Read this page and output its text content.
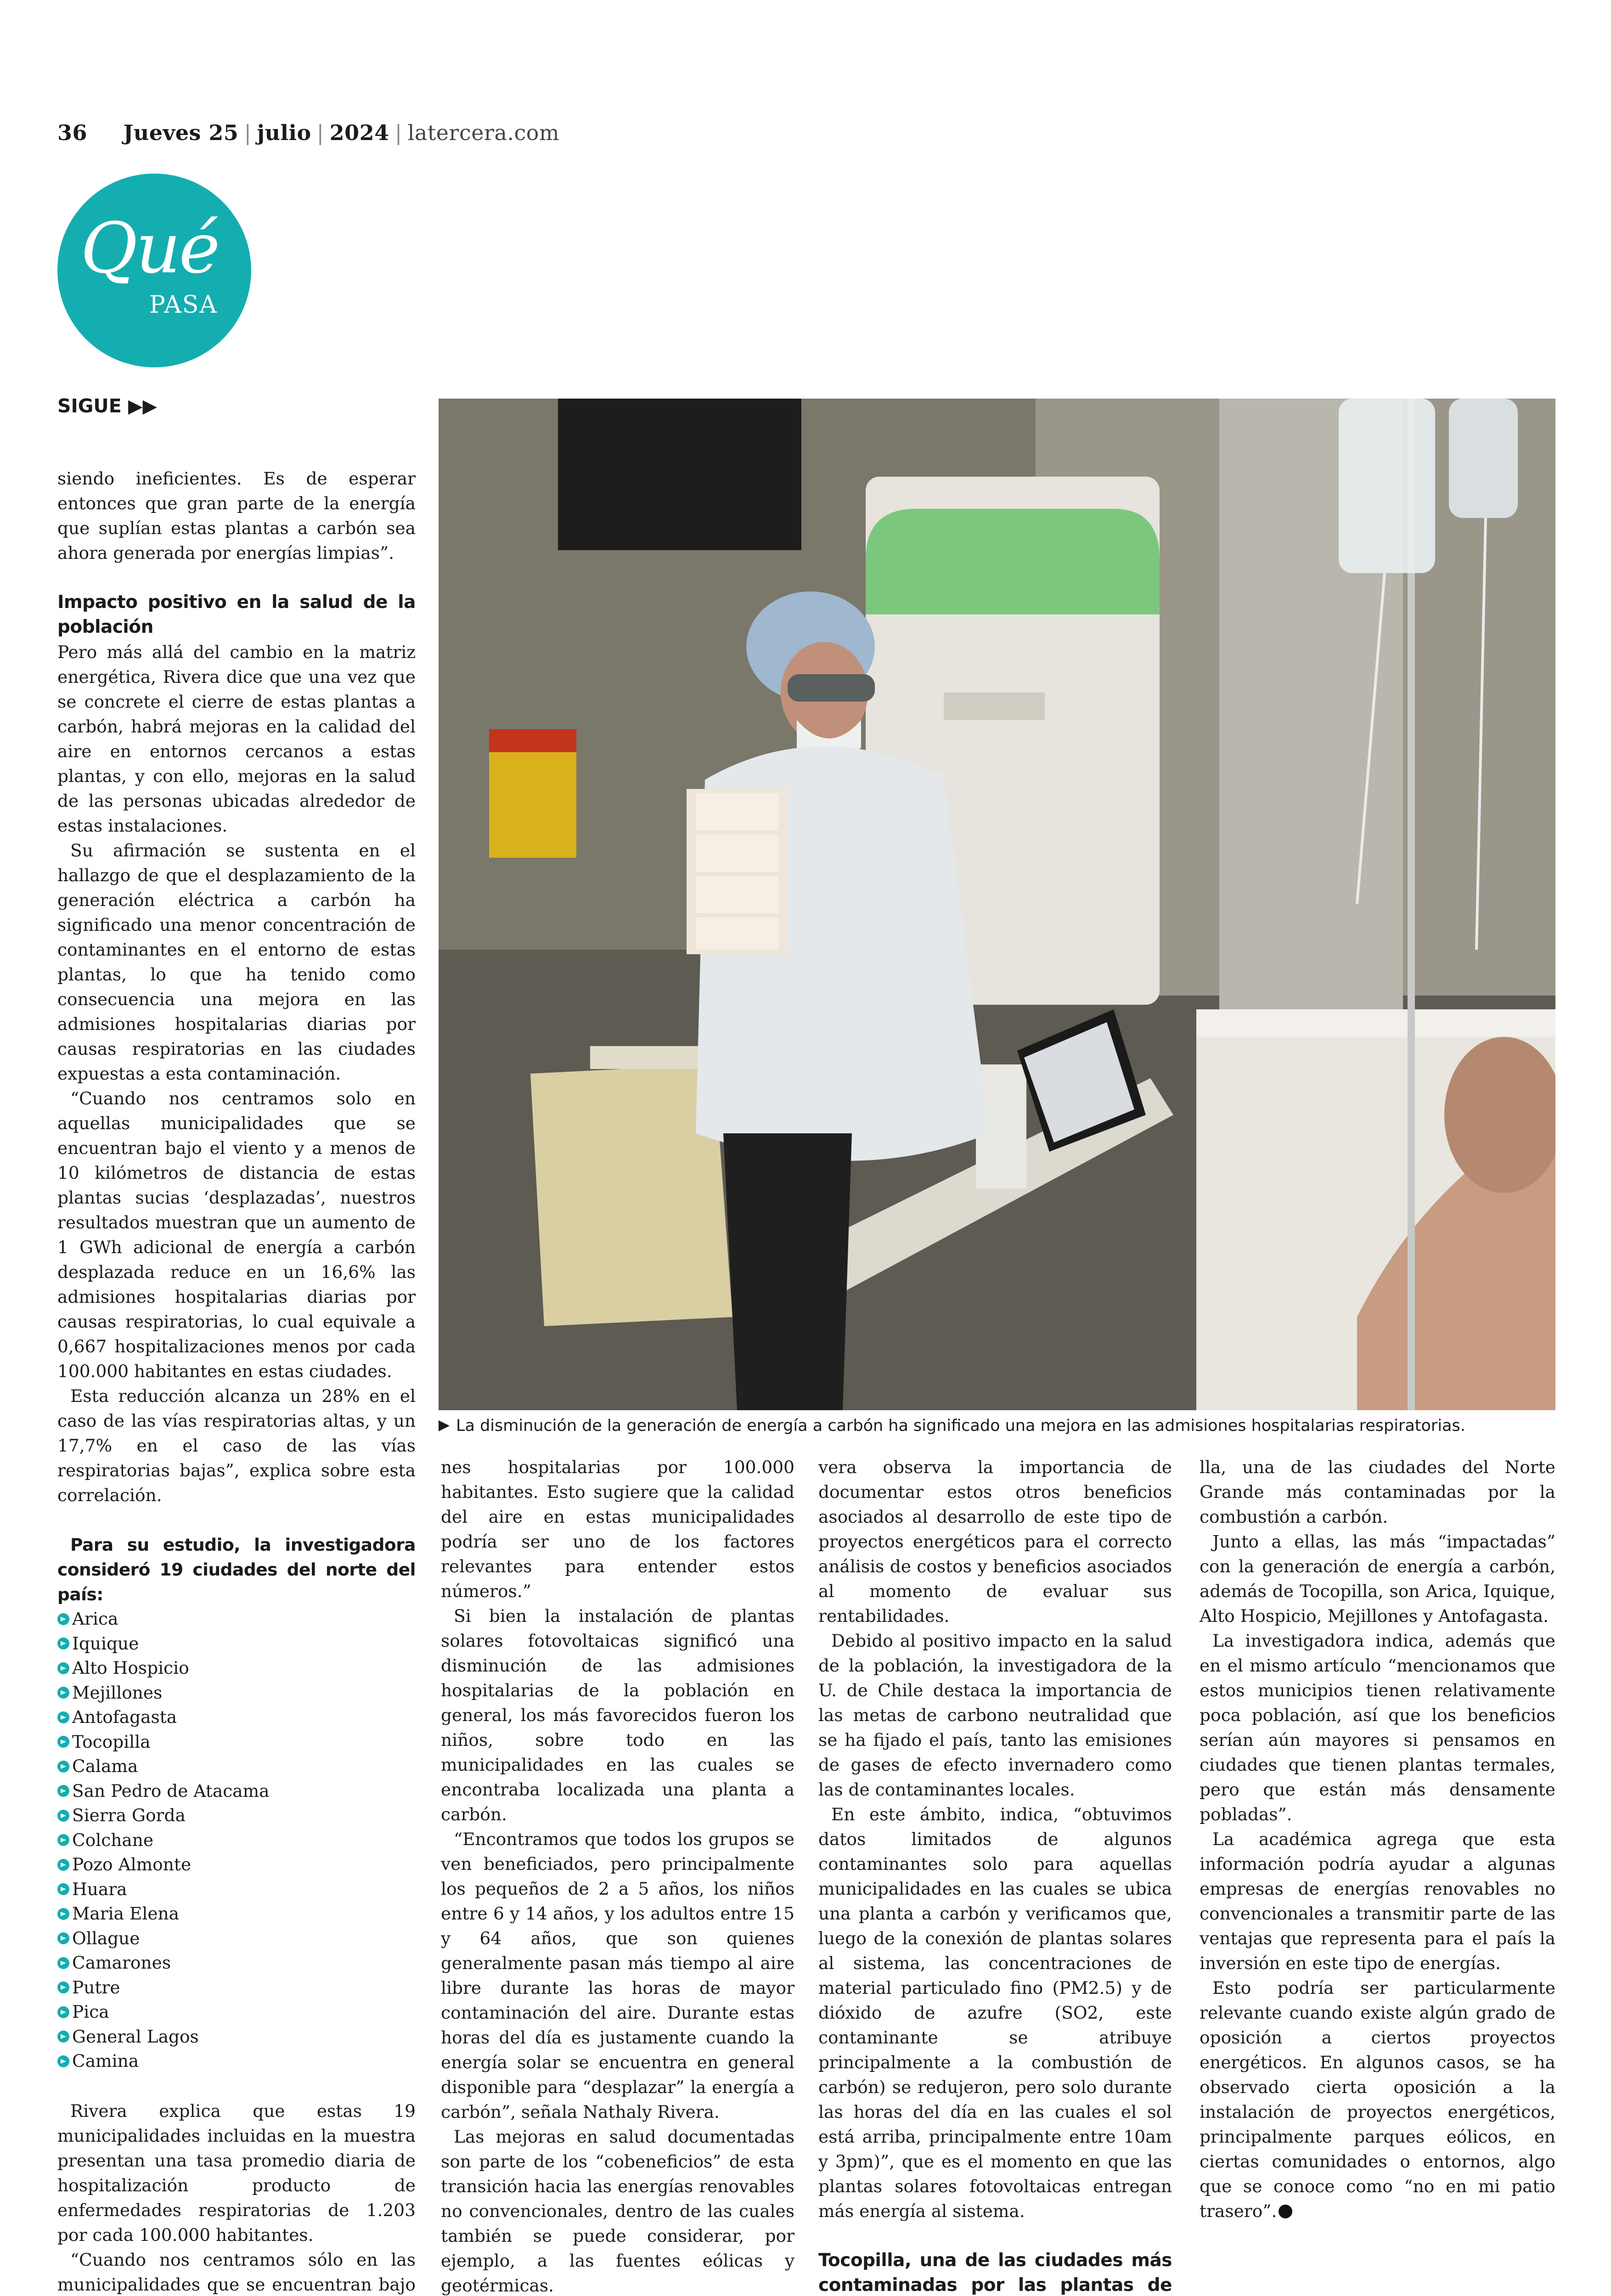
36 Jueves 25 | julio | 2024 | latercera.com
Qué
PASA
SIGUE ▶▶

siendo ineficientes. Es de esperar entonces que gran parte de la energía que suplían estas plantas a carbón sea ahora generada por energías limpias”.

Impacto positivo en la salud de la población

Pero más allá del cambio en la matriz energética, Rivera dice que una vez que se concrete el cierre de estas plantas a carbón, habrá mejoras en la calidad del aire en entornos cercanos a estas plantas, y con ello, mejoras en la salud de las personas ubicadas alrededor de estas instalaciones.

Su afirmación se sustenta en el hallazgo de que el desplazamiento de la generación eléctrica a carbón ha significado una menor concentración de contaminantes en el entorno de estas plantas, lo que ha tenido como consecuencia una mejora en las admisiones hospitalarias diarias por causas respiratorias en las ciudades expuestas a esta contaminación.

“Cuando nos centramos solo en aquellas municipalidades que se encuentran bajo el viento y a menos de 10 kilómetros de distancia de estas plantas sucias ‘desplazadas’, nuestros resultados muestran que un aumento de 1 GWh adicional de energía a carbón desplazada reduce en un 16,6% las admisiones hospitalarias diarias por causas respiratorias, lo cual equivale a 0,667 hospitalizaciones menos por cada 100.000 habitantes en estas ciudades.

Esta reducción alcanza un 28% en el caso de las vías respiratorias altas, y un 17,7% en el caso de las vías respiratorias bajas”, explica sobre esta correlación.

Para su estudio, la investigadora consideró 19 ciudades del norte del país:

Arica
Iquique
Alto Hospicio
Mejillones
Antofagasta
Tocopilla
Calama
San Pedro de Atacama
Sierra Gorda
Colchane
Pozo Almonte
Huara
Maria Elena
Ollague
Camarones
Putre
Pica
General Lagos
Camina

Rivera explica que estas 19 municipalidades incluidas en la muestra presentan una tasa promedio diaria de hospitalización producto de enfermedades respiratorias de 1.203 por cada 100.000 habitantes.

“Cuando nos centramos sólo en las municipalidades que se encuentran bajo

La disminución de la generación de energía a carbón ha significado una mejora en las admisiones hospitalarias respiratorias.

nes hospitalarias por 100.000 habitantes. Esto sugiere que la calidad del aire en estas municipalidades podría ser uno de los factores relevantes para entender estos números.”

Si bien la instalación de plantas solares fotovoltaicas significó una disminución de las admisiones hospitalarias de la población en general, los más favorecidos fueron los niños, sobre todo en las municipalidades en las cuales se encontraba localizada una planta a carbón.

“Encontramos que todos los grupos se ven beneficiados, pero principalmente los pequeños de 2 a 5 años, los niños entre 6 y 14 años, y los adultos entre 15 y 64 años, que son quienes generalmente pasan más tiempo al aire libre durante las horas de mayor contaminación del aire. Durante estas horas del día es justamente cuando la energía solar se encuentra en general disponible para “desplazar” la energía a carbón”, señala Nathaly Rivera.

Las mejoras en salud documentadas son parte de los “cobeneficios” de esta transición hacia las energías renovables no convencionales, dentro de las cuales también se puede considerar, por ejemplo, a las fuentes eólicas y geotérmicas.

vera observa la importancia de documentar estos otros beneficios asociados al desarrollo de este tipo de proyectos energéticos para el correcto análisis de costos y beneficios asociados al momento de evaluar sus rentabilidades.

Debido al positivo impacto en la salud de la población, la investigadora de la U. de Chile destaca la importancia de las metas de carbono neutralidad que se ha fijado el país, tanto las emisiones de gases de efecto invernadero como las de contaminantes locales.

En este ámbito, indica, “obtuvimos datos limitados de algunos contaminantes solo para aquellas municipalidades en las cuales se ubica una planta a carbón y verificamos que, luego de la conexión de plantas solares al sistema, las concentraciones de material particulado fino (PM2.5) y de dióxido de azufre (SO2, este contaminante se atribuye principalmente a la combustión de carbón) se redujeron, pero solo durante las horas del día en las cuales el sol está arriba, principalmente entre 10am y 3pm)”, que es el momento en que las plantas solares fotovoltaicas entregan más energía al sistema.

Tocopilla, una de las ciudades más contaminadas por las plantas de

lla, una de las ciudades del Norte Grande más contaminadas por la combustión a carbón.

Junto a ellas, las más “impactadas” con la generación de energía a carbón, además de Tocopilla, son Arica, Iquique, Alto Hospicio, Mejillones y Antofagasta.

La investigadora indica, además que en el mismo artículo “mencionamos que estos municipios tienen relativamente poca población, así que los beneficios serían aún mayores si pensamos en ciudades que tienen plantas termales, pero que están más densamente pobladas”.

La académica agrega que esta información podría ayudar a algunas empresas de energías renovables no convencionales a transmitir parte de las ventajas que representa para el país la inversión en este tipo de energías.

Esto podría ser particularmente relevante cuando existe algún grado de oposición a ciertos proyectos energéticos. En algunos casos, se ha observado cierta oposición a la instalación de proyectos energéticos, principalmente parques eólicos, en ciertas comunidades o entornos, algo que se conoce como “no en mi patio trasero”.
